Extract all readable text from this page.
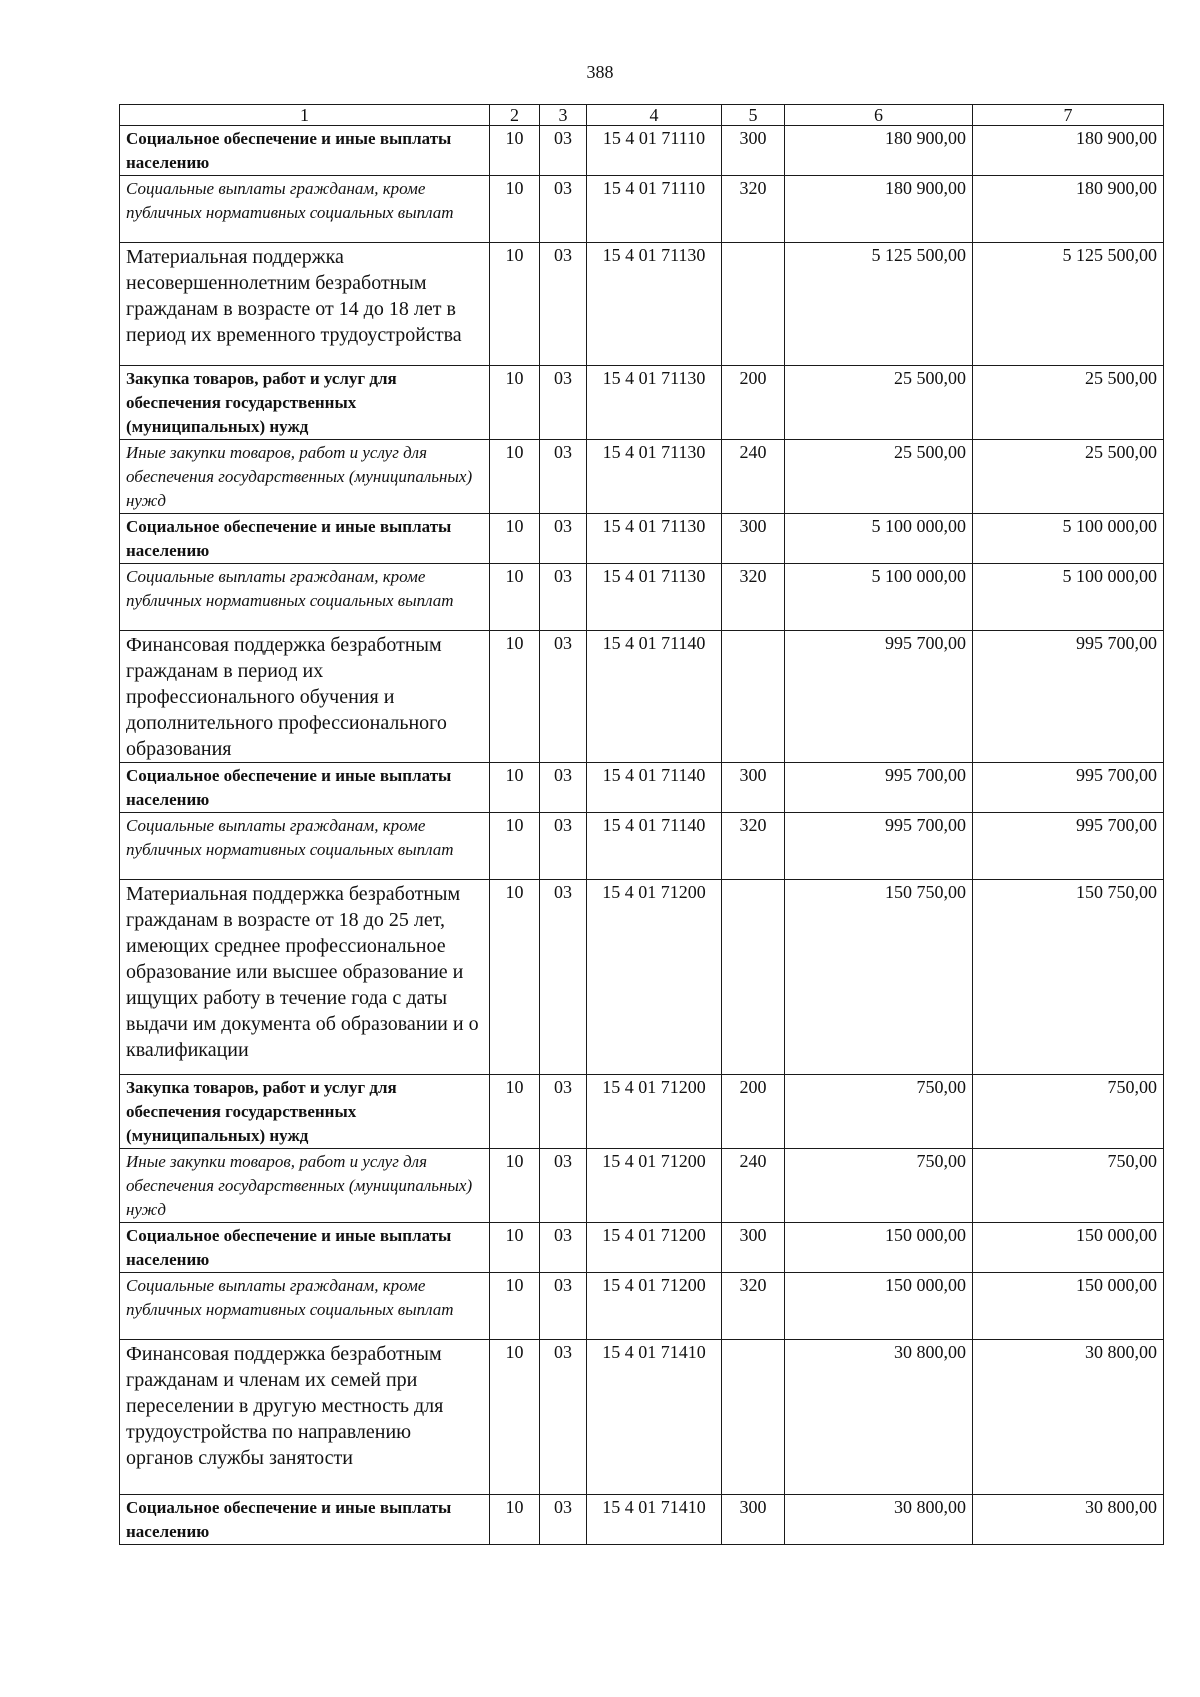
388
1	2	3	4	5	6	7
Социальное обеспечение и иные выплаты населению	10	03	15 4 01 71110	300	180 900,00	180 900,00
Социальные выплаты гражданам, кроме публичных нормативных социальных выплат	10	03	15 4 01 71110	320	180 900,00	180 900,00
Материальная поддержка несовершеннолетним безработным гражданам в возрасте от 14 до 18 лет в период их временного трудоустройства	10	03	15 4 01 71130		5 125 500,00	5 125 500,00
Закупка товаров, работ и услуг для обеспечения государственных (муниципальных) нужд	10	03	15 4 01 71130	200	25 500,00	25 500,00
Иные закупки товаров, работ и услуг для обеспечения государственных (муниципальных) нужд	10	03	15 4 01 71130	240	25 500,00	25 500,00
Социальное обеспечение и иные выплаты населению	10	03	15 4 01 71130	300	5 100 000,00	5 100 000,00
Социальные выплаты гражданам, кроме публичных нормативных социальных выплат	10	03	15 4 01 71130	320	5 100 000,00	5 100 000,00
Финансовая поддержка безработным гражданам в период их профессионального обучения и дополнительного профессионального образования	10	03	15 4 01 71140		995 700,00	995 700,00
Социальное обеспечение и иные выплаты населению	10	03	15 4 01 71140	300	995 700,00	995 700,00
Социальные выплаты гражданам, кроме публичных нормативных социальных выплат	10	03	15 4 01 71140	320	995 700,00	995 700,00
Материальная поддержка безработным гражданам в возрасте от 18 до 25 лет, имеющих среднее профессиональное образование или высшее образование и ищущих работу в течение года с даты выдачи им документа об образовании и о квалификации	10	03	15 4 01 71200		150 750,00	150 750,00
Закупка товаров, работ и услуг для обеспечения государственных (муниципальных) нужд	10	03	15 4 01 71200	200	750,00	750,00
Иные закупки товаров, работ и услуг для обеспечения государственных (муниципальных) нужд	10	03	15 4 01 71200	240	750,00	750,00
Социальное обеспечение и иные выплаты населению	10	03	15 4 01 71200	300	150 000,00	150 000,00
Социальные выплаты гражданам, кроме публичных нормативных социальных выплат	10	03	15 4 01 71200	320	150 000,00	150 000,00
Финансовая поддержка безработным гражданам и членам их семей при переселении в другую местность для трудоустройства по направлению органов службы занятости	10	03	15 4 01 71410		30 800,00	30 800,00
Социальное обеспечение и иные выплаты населению	10	03	15 4 01 71410	300	30 800,00	30 800,00
